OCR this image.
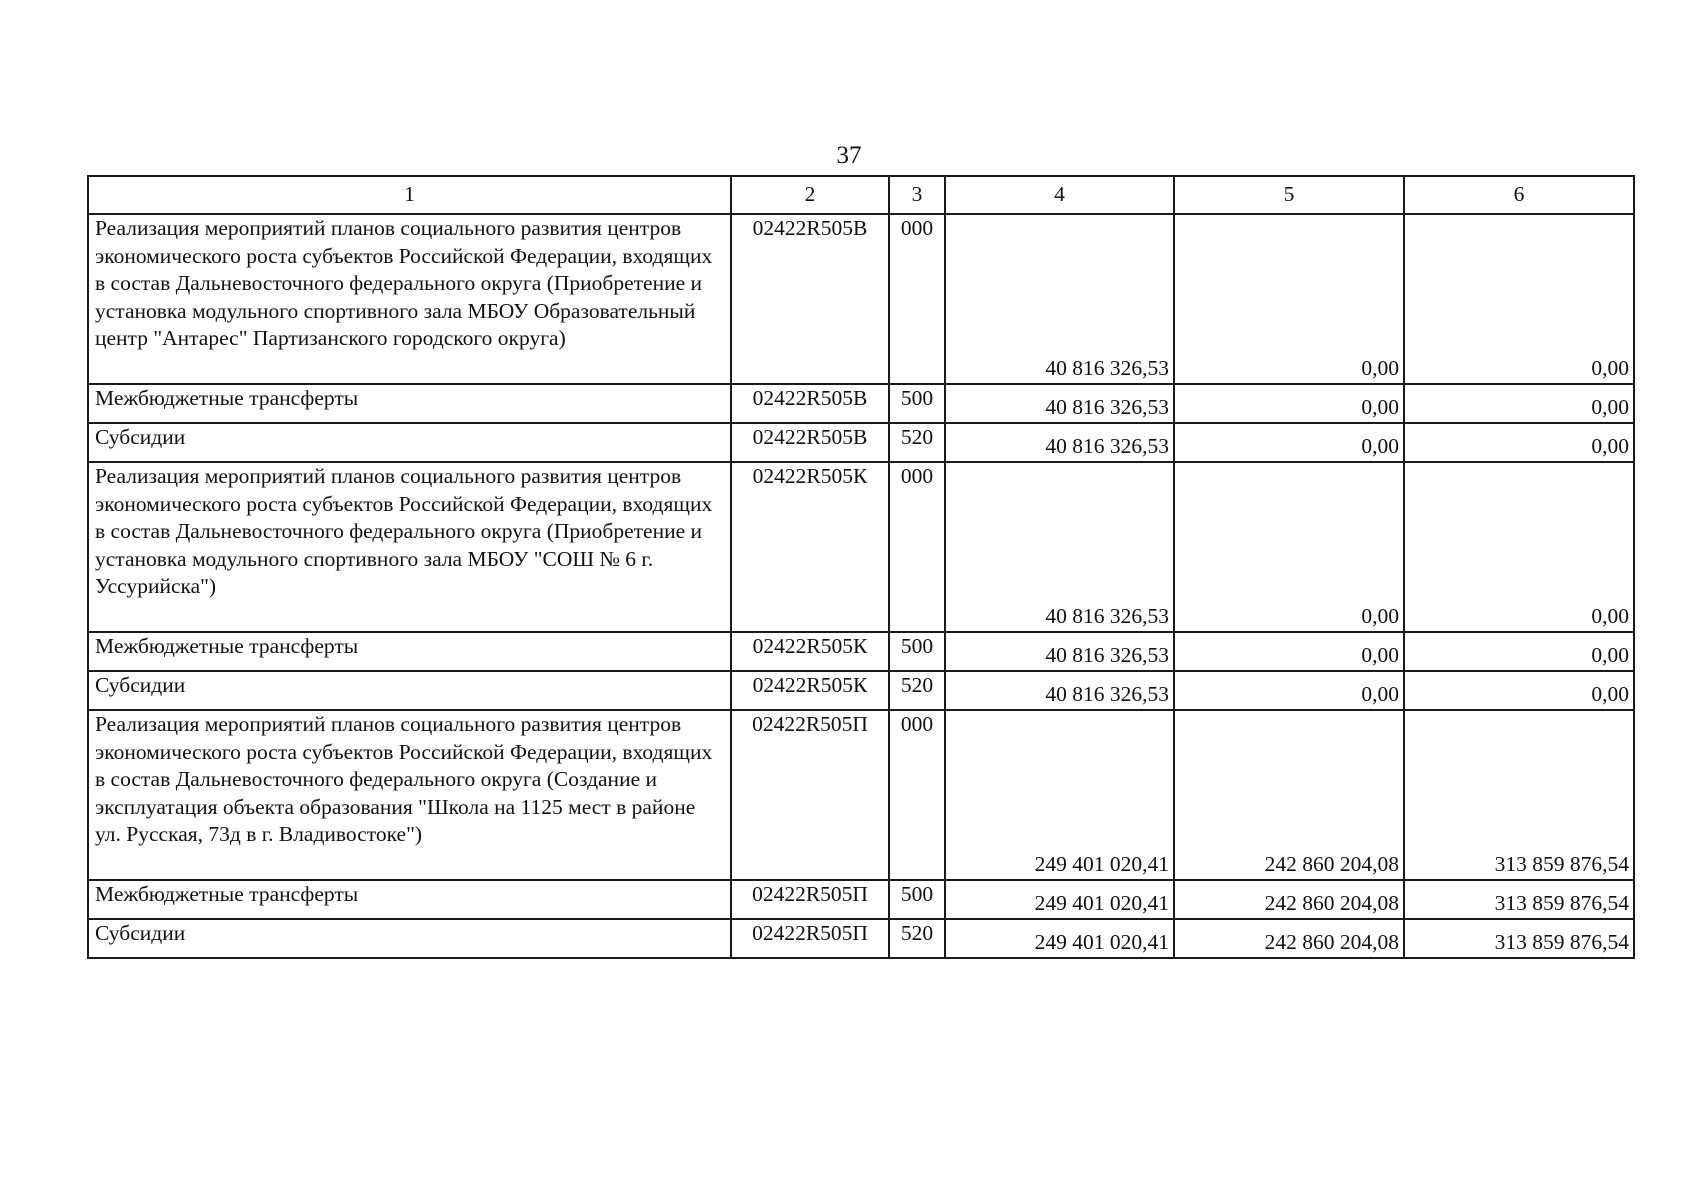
37
1	2	3	4	5	6
Реализация мероприятий планов социального развития центров экономического роста субъектов Российской Федерации, входящих в состав Дальневосточного федерального округа (Приобретение и установка модульного спортивного зала МБОУ Образовательный центр "Антарес" Партизанского городского округа)	02422R505В	000	40 816 326,53	0,00	0,00
Межбюджетные трансферты	02422R505В	500	40 816 326,53	0,00	0,00
Субсидии	02422R505В	520	40 816 326,53	0,00	0,00
Реализация мероприятий планов социального развития центров экономического роста субъектов Российской Федерации, входящих в состав Дальневосточного федерального округа (Приобретение и установка модульного спортивного зала МБОУ "СОШ № 6 г. Уссурийска")	02422R505К	000	40 816 326,53	0,00	0,00
Межбюджетные трансферты	02422R505К	500	40 816 326,53	0,00	0,00
Субсидии	02422R505К	520	40 816 326,53	0,00	0,00
Реализация мероприятий планов социального развития центров экономического роста субъектов Российской Федерации, входящих в состав Дальневосточного федерального округа (Создание и эксплуатация объекта образования "Школа на 1125 мест в районе ул. Русская, 73д в г. Владивостоке")	02422R505П	000	249 401 020,41	242 860 204,08	313 859 876,54
Межбюджетные трансферты	02422R505П	500	249 401 020,41	242 860 204,08	313 859 876,54
Субсидии	02422R505П	520	249 401 020,41	242 860 204,08	313 859 876,54
